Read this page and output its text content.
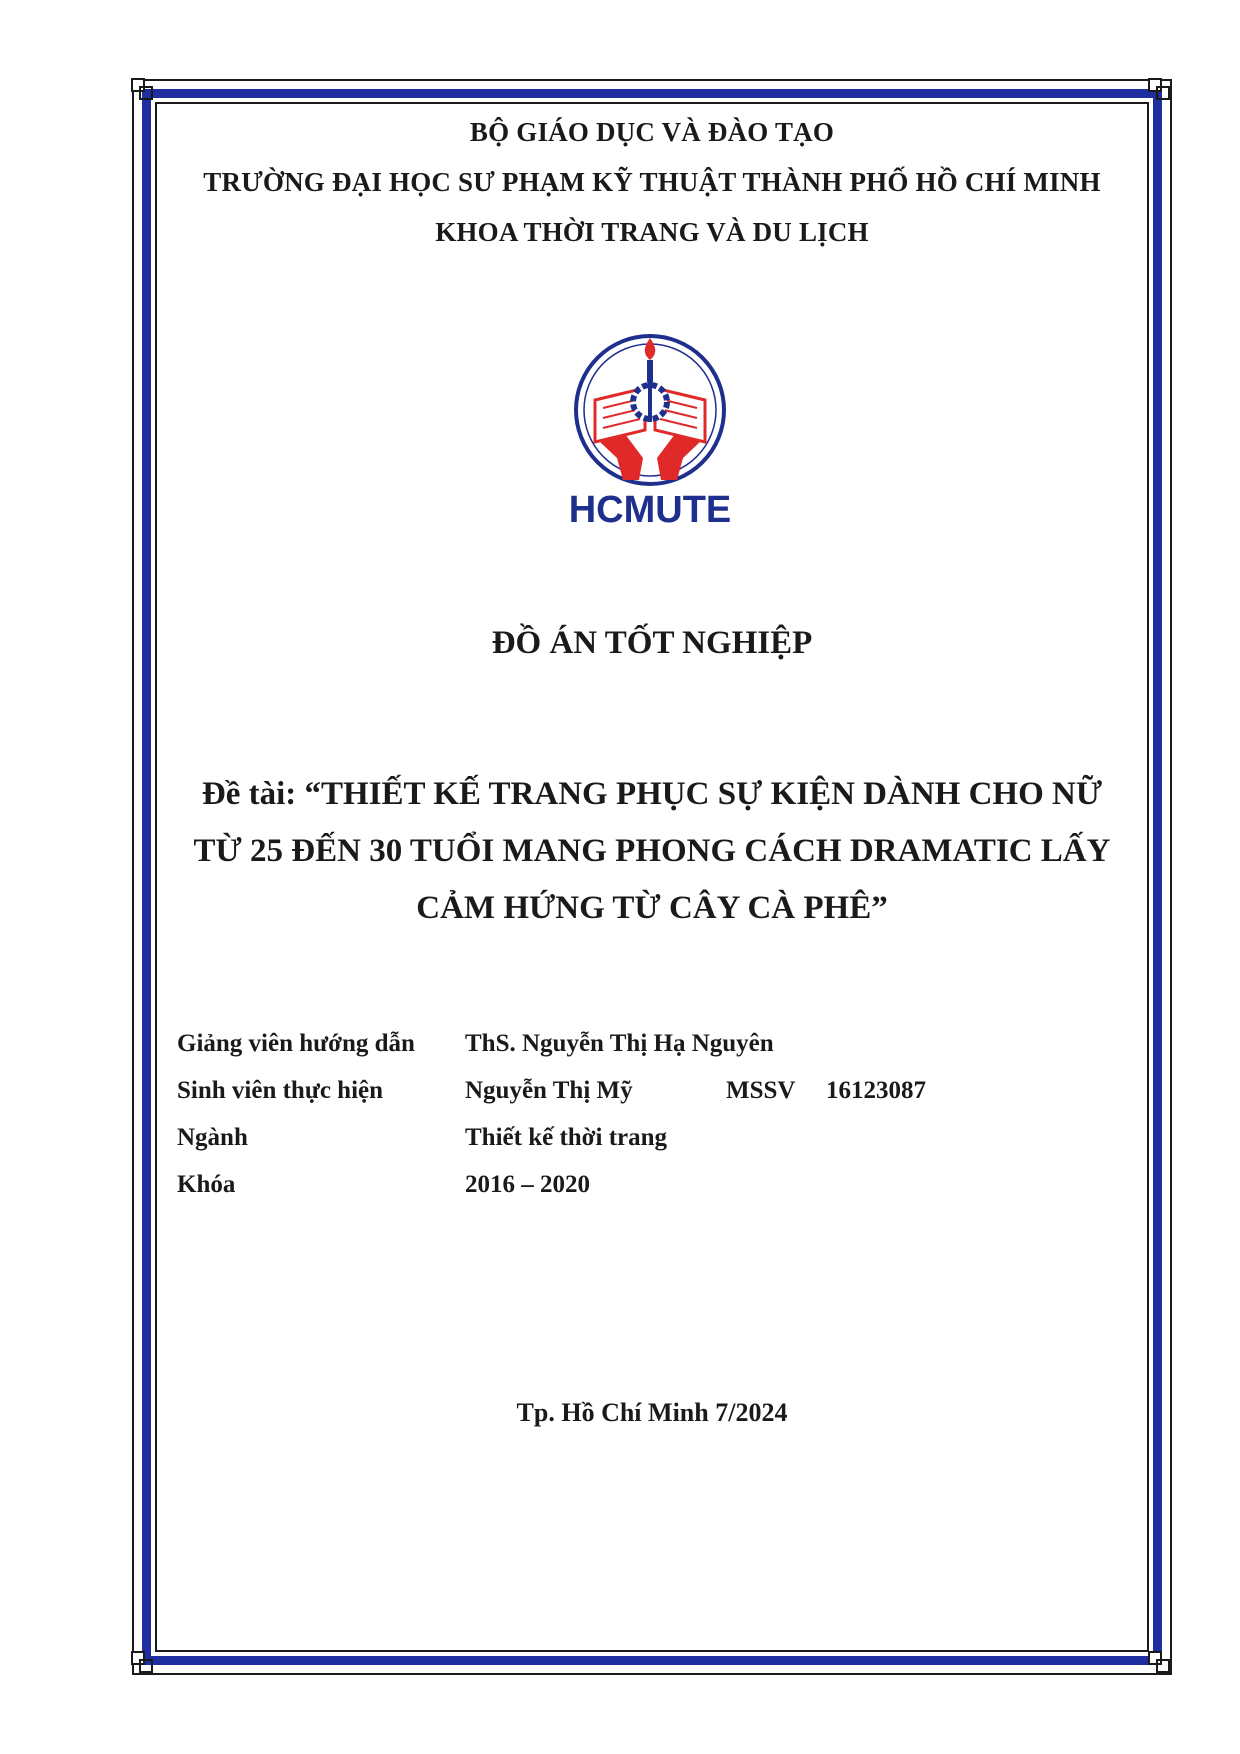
BỘ GIÁO DỤC VÀ ĐÀO TẠO

TRƯỜNG ĐẠI HỌC SƯ PHẠM KỸ THUẬT THÀNH PHỐ HỒ CHÍ MINH

KHOA THỜI TRANG VÀ DU LỊCH

HCMUTE

ĐỒ ÁN TỐT NGHIỆP

Đề tài: “THIẾT KẾ TRANG PHỤC SỰ KIỆN DÀNH CHO NỮ TỪ 25 ĐẾN 30 TUỔI MANG PHONG CÁCH DRAMATIC LẤY CẢM HỨNG TỪ CÂY CÀ PHÊ”

Giảng viên hướng dẫn ThS. Nguyễn Thị Hạ Nguyên
Sinh viên thực hiện	Nguyễn Thị Mỹ	MSSV 16123087
Ngành	Thiết kế thời trang
Khóa	2016 – 2020

Tp. Hồ Chí Minh 7/2024
